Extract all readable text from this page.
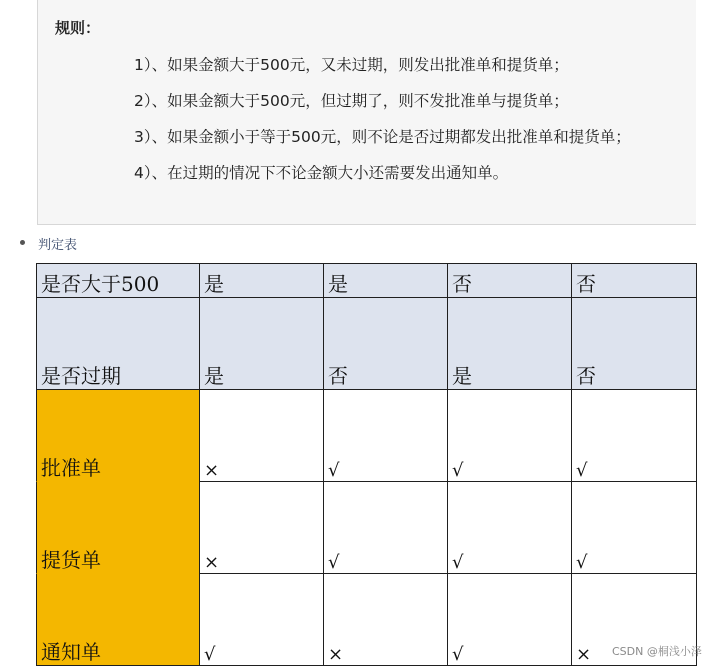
规则：
1）、如果金额大于500元，又未过期，则发出批准单和提货单；
2）、如果金额大于500元，但过期了，则不发批准单与提货单；
3）、如果金额小于等于500元，则不论是否过期都发出批准单和提货单；
4）、在过期的情况下不论金额大小还需要发出通知单。
判定表
是否大于500 是	是	否	否
是否过期	是	否	是	否
批准单	×	√	√	√
提货单	×	√	√	√
通知单	√	×	√	× CSDN @桐浅小泽
